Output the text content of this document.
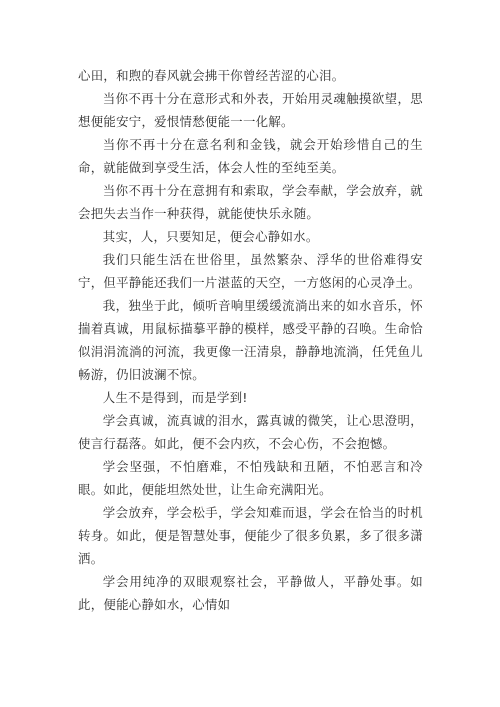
心田，和煦的春风就会拂干你曾经苦涩的心泪。

当你不再十分在意形式和外表，开始用灵魂触摸欲望，思想便能安宁，爱恨情愁便能一一化解。

当你不再十分在意名利和金钱，就会开始珍惜自己的生命，就能做到享受生活，体会人性的至纯至美。

当你不再十分在意拥有和索取，学会奉献，学会放弃，就会把失去当作一种获得，就能使快乐永随。

其实，人，只要知足，便会心静如水。

我们只能生活在世俗里，虽然繁杂、浮华的世俗难得安宁，但平静能还我们一片湛蓝的天空，一方悠闲的心灵净土。

我，独坐于此，倾听音响里缓缓流淌出来的如水音乐，怀揣着真诚，用鼠标描摹平静的模样，感受平静的召唤。生命恰似涓涓流淌的河流，我更像一汪清泉，静静地流淌，任凭鱼儿畅游，仍旧波澜不惊。

人生不是得到，而是学到!

学会真诚，流真诚的泪水，露真诚的微笑，让心思澄明，使言行磊落。如此，便不会内疚，不会心伤，不会抱憾。

学会坚强，不怕磨难，不怕残缺和丑陋，不怕恶言和冷眼。如此，便能坦然处世，让生命充满阳光。

学会放弃，学会松手，学会知难而退，学会在恰当的时机转身。如此，便是智慧处事，便能少了很多负累，多了很多潇洒。

学会用纯净的双眼观察社会，平静做人，平静处事。如此，便能心静如水，心情如
